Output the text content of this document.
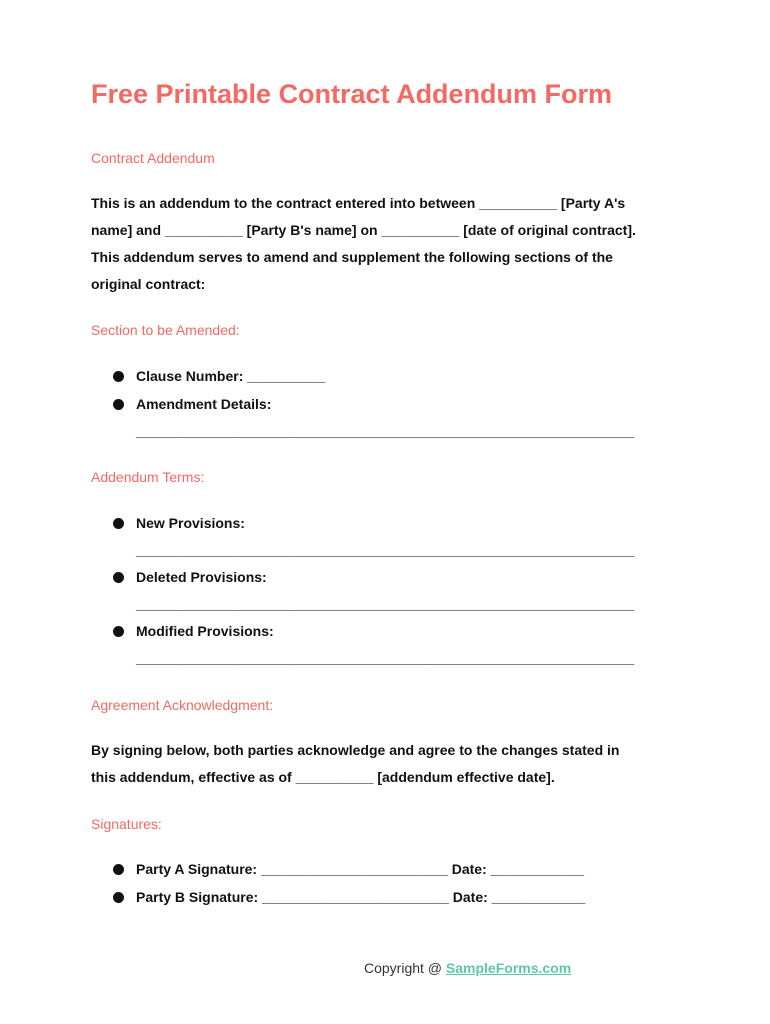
Free Printable Contract Addendum Form
Contract Addendum

This is an addendum to the contract entered into between __________ [Party A's
name] and __________ [Party B's name] on __________ [date of original contract].
This addendum serves to amend and supplement the following sections of the
original contract:

Section to be Amended:
Clause Number: __________
Amendment Details:
________________________________________________________________
Addendum Terms:
New Provisions:
________________________________________________________________
Deleted Provisions:
________________________________________________________________
Modified Provisions:
________________________________________________________________
Agreement Acknowledgment:

By signing below, both parties acknowledge and agree to the changes stated in
this addendum, effective as of __________ [addendum effective date].

Signatures:
Party A Signature: ________________________ Date: ____________
Party B Signature: ________________________ Date: ____________
Copyright @ SampleForms.com
